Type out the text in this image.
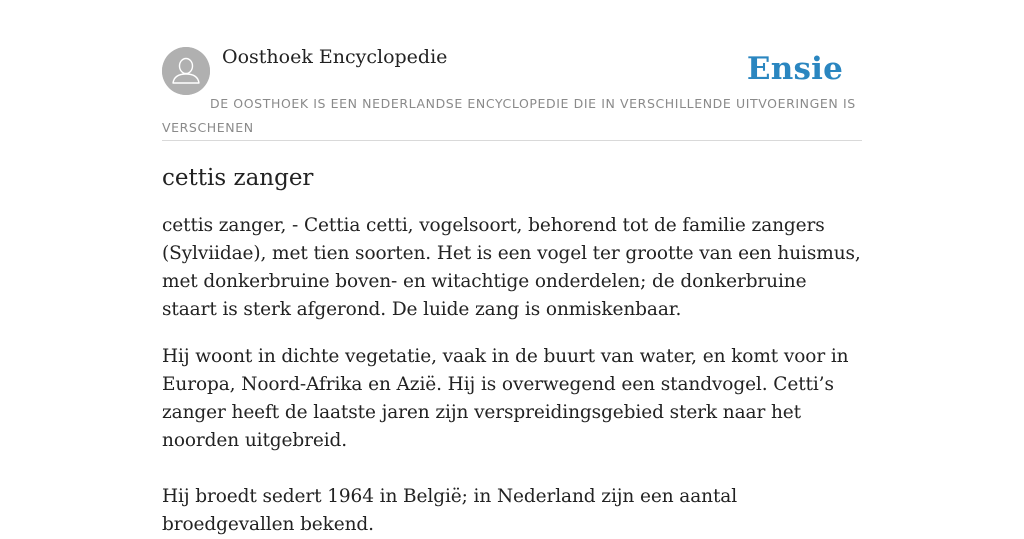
Oosthoek Encyclopedie	Ensie
DE OOSTHOEK IS EEN NEDERLANDSE ENCYCLOPEDIE DIE IN VERSCHILLENDE UITVOERINGEN IS VERSCHENEN
cettis zanger

cettis zanger, - Cettia cetti, vogelsoort, behorend tot de familie zangers (Sylviidae), met tien soorten. Het is een vogel ter grootte van een huismus, met donkerbruine boven- en witachtige onderdelen; de donkerbruine staart is sterk afgerond. De luide zang is onmiskenbaar.

Hij woont in dichte vegetatie, vaak in de buurt van water, en komt voor in Europa, Noord-Afrika en Azië. Hij is overwegend een standvogel. Cetti’s zanger heeft de laatste jaren zijn verspreidingsgebied sterk naar het noorden uitgebreid.

Hij broedt sedert 1964 in België; in Nederland zijn een aantal broedgevallen bekend.
